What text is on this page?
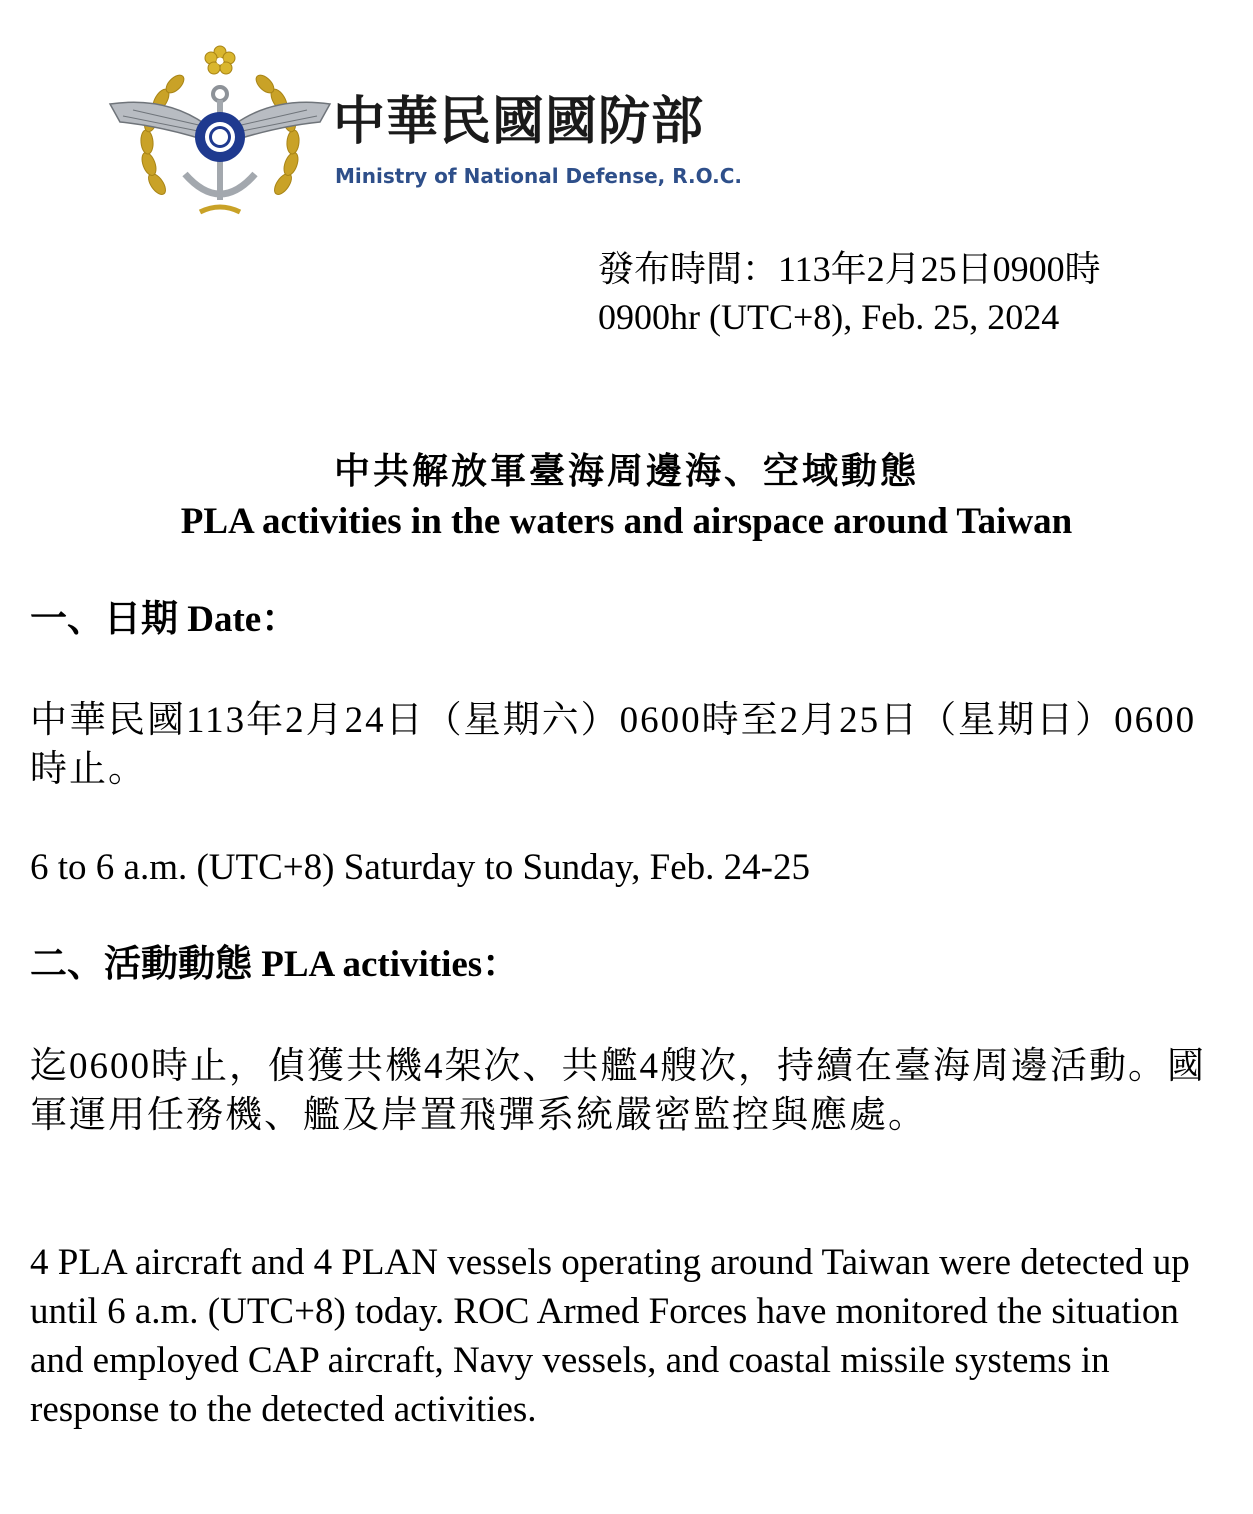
中華民國國防部
Ministry of National Defense, R.O.C.
發布時間：113年2月25日0900時
0900hr (UTC+8), Feb. 25, 2024
中共解放軍臺海周邊海、空域動態
PLA activities in the waters and airspace around Taiwan
一、日期 Date：
中華民國113年2月24日（星期六）0600時至2月25日（星期日）0600時止。
6 to 6 a.m. (UTC+8) Saturday to Sunday, Feb. 24-25
二、活動動態 PLA activities：
迄0600時止，偵獲共機4架次、共艦4艘次，持續在臺海周邊活動。國軍運用任務機、艦及岸置飛彈系統嚴密監控與應處。
4 PLA aircraft and 4 PLAN vessels operating around Taiwan were detected up until 6 a.m. (UTC+8) today. ROC Armed Forces have monitored the situation and employed CAP aircraft, Navy vessels, and coastal missile systems in response to the detected activities.
